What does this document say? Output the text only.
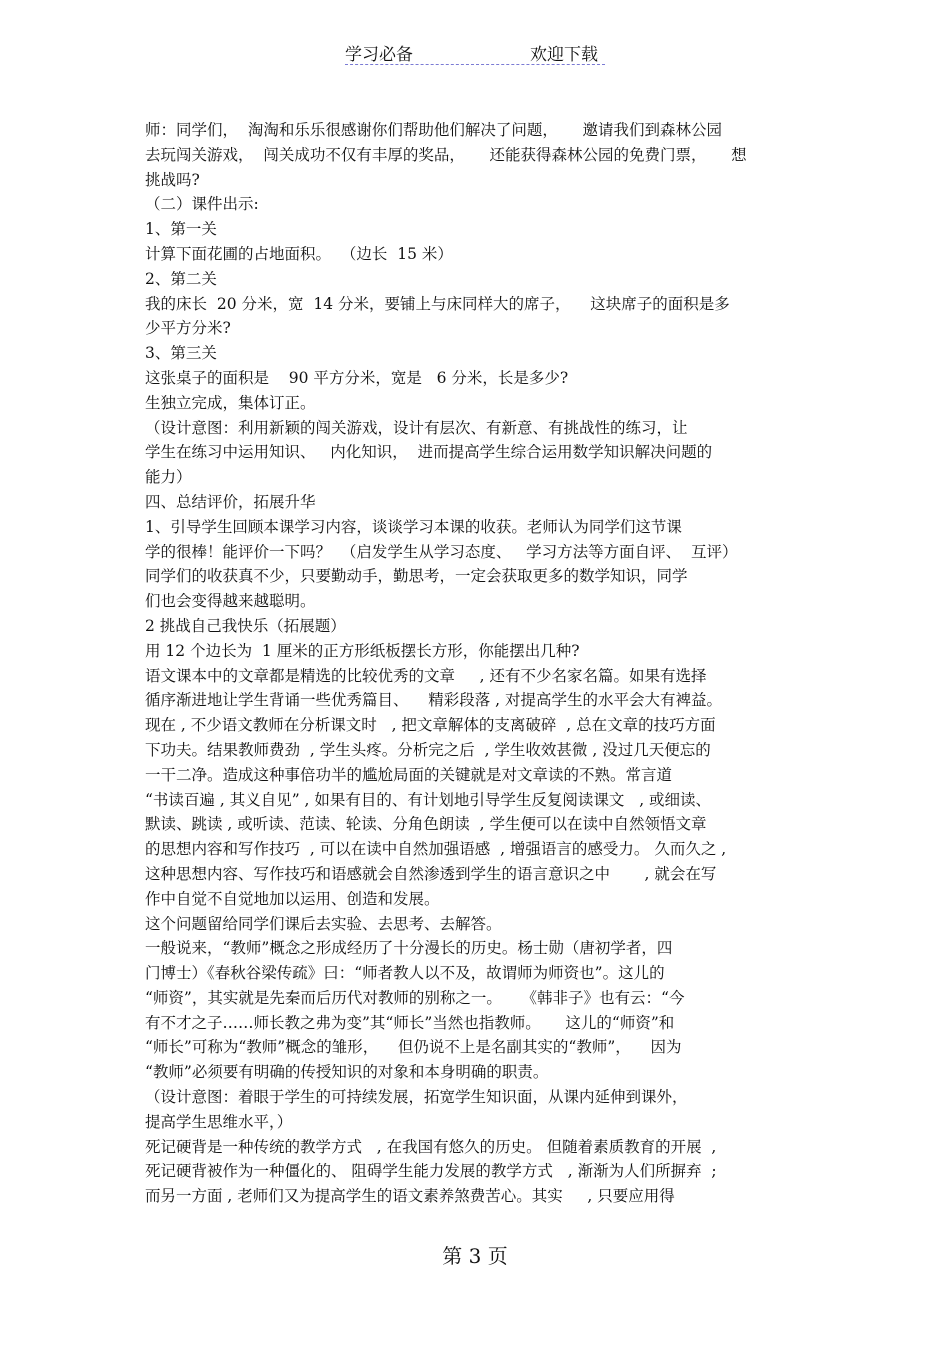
学习必备	欢迎下载
师：同学们，  淘淘和乐乐很感谢你们帮助他们解决了问题，     邀请我们到森林公园
去玩闯关游戏，  闯关成功不仅有丰厚的奖品，     还能获得森林公园的免费门票，     想
挑战吗?
（二）课件出示:
1、第一关
计算下面花圃的占地面积。  （边长  15 米）
2、第二关
我的床长  20 分米，宽  14 分米，要铺上与床同样大的席子，    这块席子的面积是多
少平方分米?
3、第三关
这张桌子的面积是    90 平方分米，宽是   6 分米，长是多少?
生独立完成，集体订正。
（设计意图：利用新颖的闯关游戏，设计有层次、有新意、有挑战性的练习，让
学生在练习中运用知识、   内化知识，  进而提高学生综合运用数学知识解决问题的
能力）
四、总结评价，拓展升华
1、引导学生回顾本课学习内容，谈谈学习本课的收获。老师认为同学们这节课
学的很棒！能评价一下吗？  （启发学生从学习态度、   学习方法等方面自评、  互评）
同学们的收获真不少，只要勤动手，勤思考，一定会获取更多的数学知识，同学
们也会变得越来越聪明。
2 挑战自己我快乐（拓展题）
用 12 个边长为  1 厘米的正方形纸板摆长方形，你能摆出几种?
语文课本中的文章都是精选的比较优秀的文章     , 还有不少名家名篇。如果有选择
循序渐进地让学生背诵一些优秀篇目、    精彩段落 , 对提高学生的水平会大有裨益。
现在 , 不少语文教师在分析课文时   , 把文章解体的支离破碎  , 总在文章的技巧方面
下功夫。结果教师费劲  , 学生头疼。分析完之后  , 学生收效甚微 , 没过几天便忘的
一干二净。造成这种事倍功半的尴尬局面的关键就是对文章读的不熟。常言道
“书读百遍 , 其义自见” , 如果有目的、有计划地引导学生反复阅读课文   , 或细读、
默读、跳读 , 或听读、范读、轮读、分角色朗读  , 学生便可以在读中自然领悟文章
的思想内容和写作技巧  , 可以在读中自然加强语感  , 增强语言的感受力。 久而久之 ,
这种思想内容、写作技巧和语感就会自然渗透到学生的语言意识之中       , 就会在写
作中自觉不自觉地加以运用、创造和发展。
这个问题留给同学们课后去实验、去思考、去解答。
一般说来，“教师”概念之形成经历了十分漫长的历史。杨士勋（唐初学者，四
门博士）《春秋谷梁传疏》曰：“师者教人以不及，故谓师为师资也”。这儿的
“师资”，其实就是先秦而后历代对教师的别称之一。    《韩非子》也有云：“今
有不才之子……师长教之弗为变”其“师长”当然也指教师。     这儿的“师资”和
“师长”可称为“教师”概念的雏形，    但仍说不上是名副其实的“教师”，    因为
“教师”必须要有明确的传授知识的对象和本身明确的职责。
（设计意图：着眼于学生的可持续发展，拓宽学生知识面，从课内延伸到课外，
提高学生思维水平，）
死记硬背是一种传统的教学方式   , 在我国有悠久的历史。 但随着素质教育的开展  ,
死记硬背被作为一种僵化的、 阻碍学生能力发展的教学方式   , 渐渐为人们所摒弃  ;
而另一方面 , 老师们又为提高学生的语文素养煞费苦心。其实     , 只要应用得
第 3 页
